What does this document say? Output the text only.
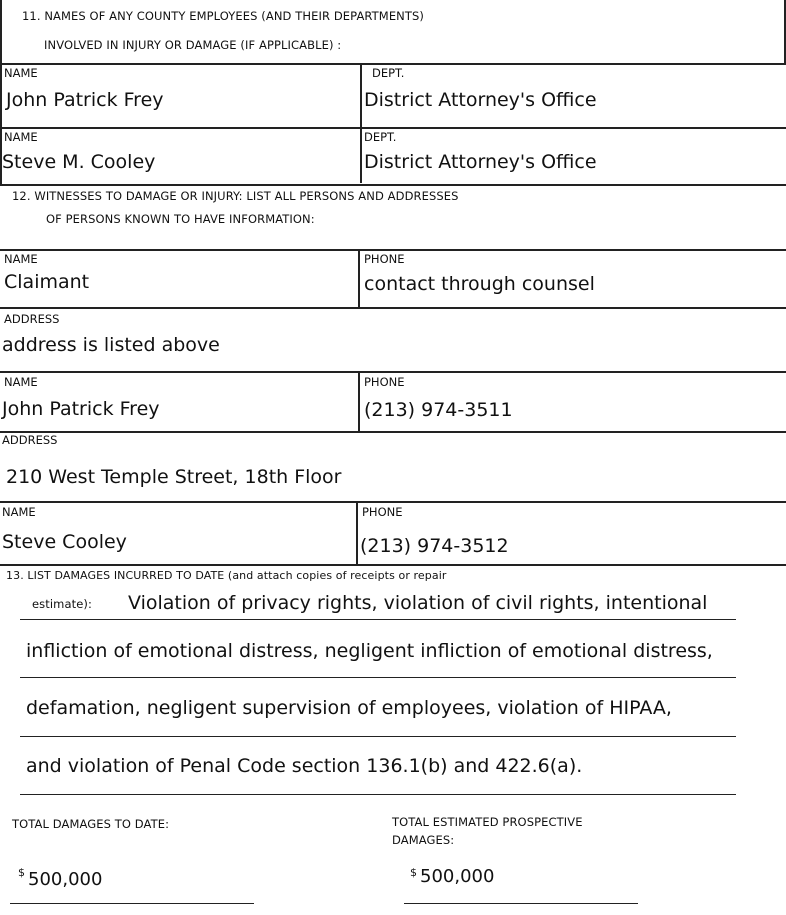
11. NAMES OF ANY COUNTY EMPLOYEES (AND THEIR DEPARTMENTS)
INVOLVED IN INJURY OR DAMAGE (IF APPLICABLE) :
NAME
John Patrick Frey
DEPT.
District Attorney's Office
NAME
Steve M. Cooley
DEPT.
District Attorney's Office
12. WITNESSES TO DAMAGE OR INJURY: LIST ALL PERSONS AND ADDRESSES
OF PERSONS KNOWN TO HAVE INFORMATION:
NAME
Claimant
PHONE
contact through counsel
ADDRESS
address is listed above
NAME
John Patrick Frey
PHONE
(213) 974-3511
ADDRESS
210 West Temple Street, 18th Floor
NAME
Steve Cooley
PHONE
(213) 974-3512
13. LIST DAMAGES INCURRED TO DATE (and attach copies of receipts or repair
estimate): Violation of privacy rights, violation of civil rights, intentional
infliction of emotional distress, negligent infliction of emotional distress,
defamation, negligent supervision of employees, violation of HIPAA,
and violation of Penal Code section 136.1(b) and 422.6(a).
TOTAL DAMAGES TO DATE:	TOTAL ESTIMATED PROSPECTIVE
DAMAGES:
$ 500,000	$ 500,000
